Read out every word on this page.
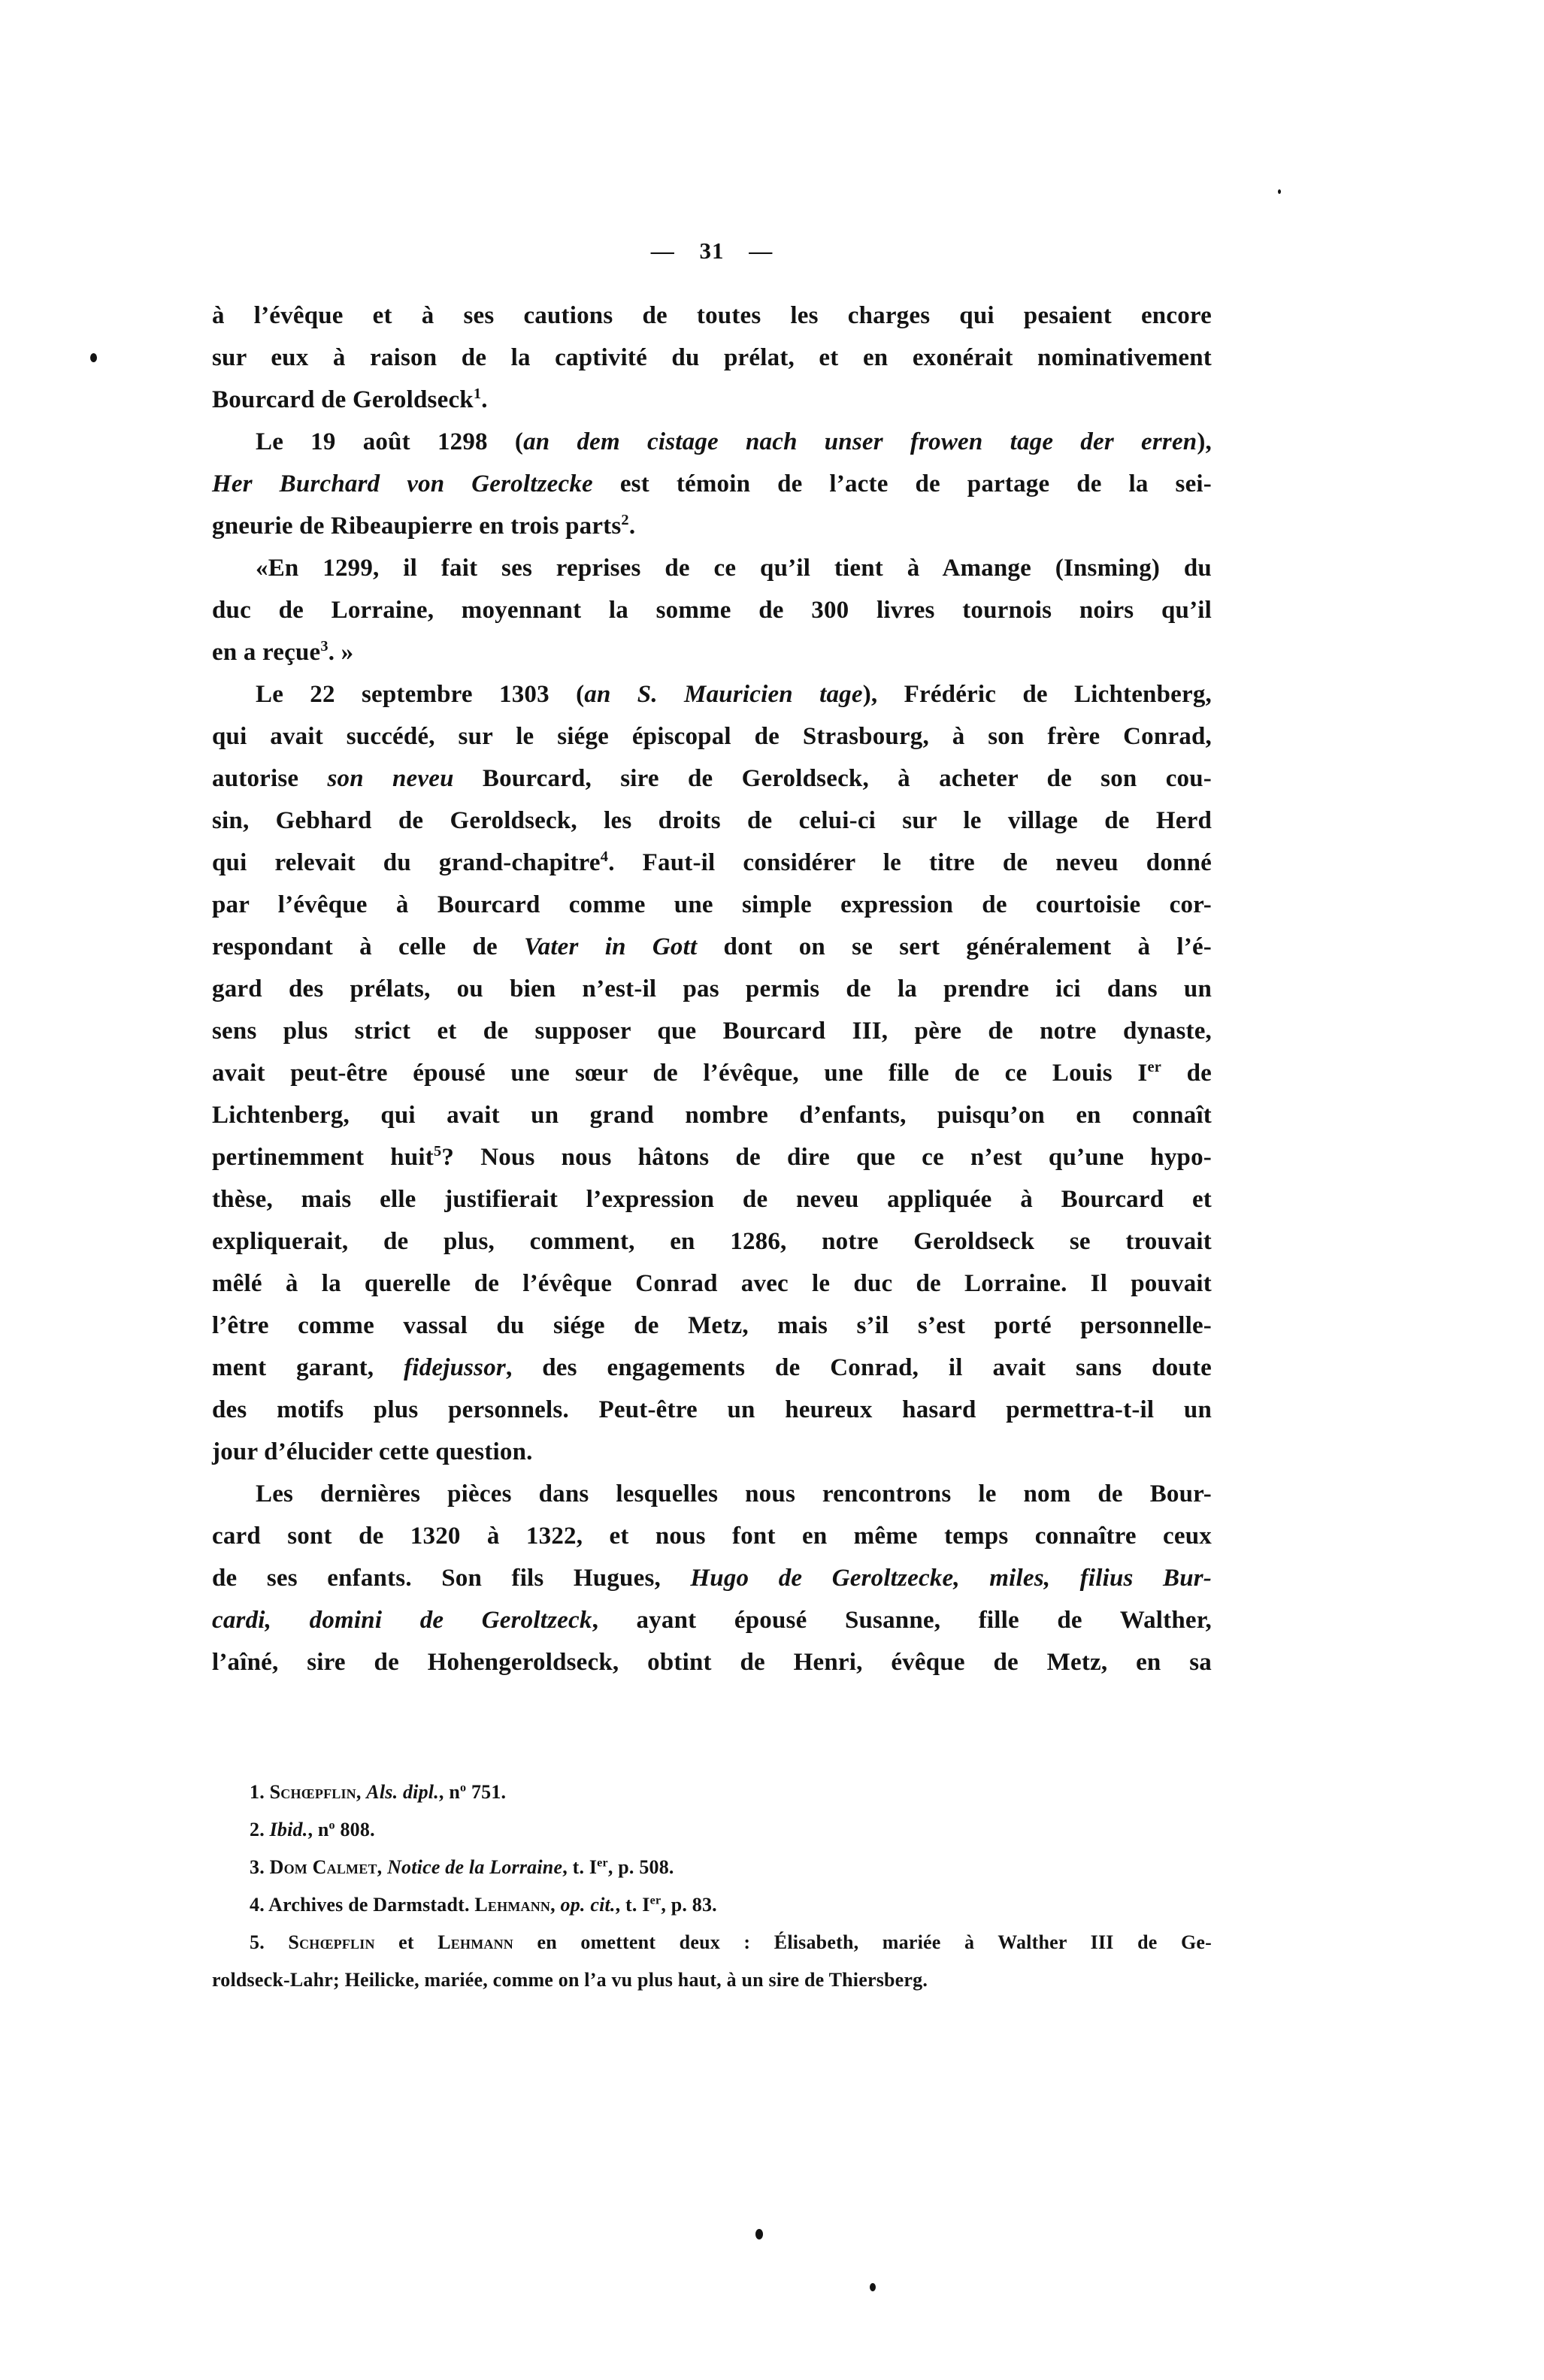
— 31 —
à l’évêque et à ses cautions de toutes les charges qui pesaient encore
sur eux à raison de la captivité du prélat, et en exonérait nominativement
Bourcard de Geroldseck$^1$.
Le 19 août 1298 (an dem cistage nach unser frowen tage der erren),
Her Burchard von Geroltzecke est témoin de l’acte de partage de la sei-
gneurie de Ribeaupierre en trois parts$^2$.
«En 1299, il fait ses reprises de ce qu’il tient à Amange (Insming) du
duc de Lorraine, moyennant la somme de 300 livres tournois noirs qu’il
en a reçue$^3$. »
Le 22 septembre 1303 (an S. Mauricien tage), Frédéric de Lichtenberg,
qui avait succédé, sur le siége épiscopal de Strasbourg, à son frère Conrad,
autorise son neveu Bourcard, sire de Geroldseck, à acheter de son cou-
sin, Gebhard de Geroldseck, les droits de celui-ci sur le village de Herd
qui relevait du grand-chapitre$^4$. Faut-il considérer le titre de neveu donné
par l’évêque à Bourcard comme une simple expression de courtoisie cor-
respondant à celle de Vater in Gott dont on se sert généralement à l’é-
gard des prélats, ou bien n’est-il pas permis de la prendre ici dans un
sens plus strict et de supposer que Bourcard III, père de notre dynaste,
avait peut-être épousé une sœur de l’évêque, une fille de ce Louis Ier de
Lichtenberg, qui avait un grand nombre d’enfants, puisqu’on en connaît
pertinemment huit$^5$? Nous nous hâtons de dire que ce n’est qu’une hypo-
thèse, mais elle justifierait l’expression de neveu appliquée à Bourcard et
expliquerait, de plus, comment, en 1286, notre Geroldseck se trouvait
mêlé à la querelle de l’évêque Conrad avec le duc de Lorraine. Il pouvait
l’être comme vassal du siége de Metz, mais s’il s’est porté personnelle-
ment garant, fidejussor, des engagements de Conrad, il avait sans doute
des motifs plus personnels. Peut-être un heureux hasard permettra-t-il un
jour d’élucider cette question.
Les dernières pièces dans lesquelles nous rencontrons le nom de Bour-
card sont de 1320 à 1322, et nous font en même temps connaître ceux
de ses enfants. Son fils Hugues, Hugo de Geroltzecke, miles, filius Bur-
cardi, domini de Geroltzeck, ayant épousé Susanne, fille de Walther,
l’aîné, sire de Hohengeroldseck, obtint de Henri, évêque de Metz, en sa
1. Schœpflin, Als. dipl., $n^o$ 751.
2. Ibid., $n^o$ 808.
3. Dom Calmet, Notice de la Lorraine, t. Ier, p. 508.
4. Archives de Darmstadt. Lehmann, op. cit., t. Ier, p. 83.
5. Schœpflin et Lehmann en omettent deux : Élisabeth, mariée à Walther III de Ge-
roldseck-Lahr; Heilicke, mariée, comme on l’a vu plus haut, à un sire de Thiersberg.
